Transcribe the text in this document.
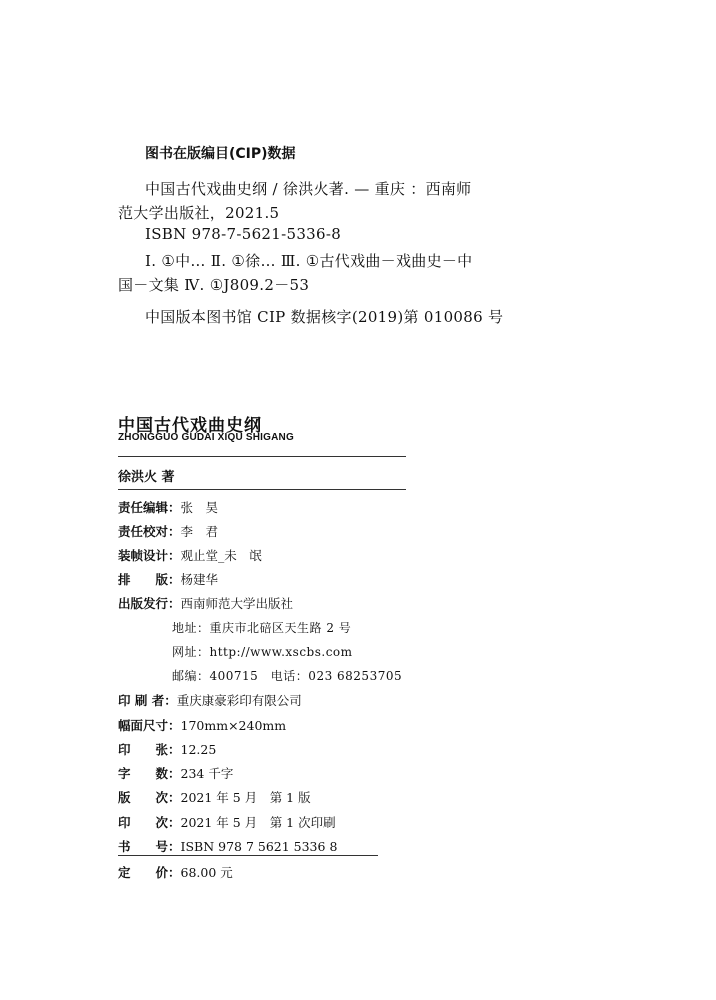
图书在版编目(CIP)数据
中国古代戏曲史纲 / 徐洪火著. — 重庆 ：西南师
范大学出版社，2021.5
ISBN 978-7-5621-5336-8
Ⅰ. ①中… Ⅱ. ①徐… Ⅲ. ①古代戏曲－戏曲史－中
国－文集 Ⅳ. ①J809.2－53
中国版本图书馆 CIP 数据核字(2019)第 010086 号
中国古代戏曲史纲
ZHONGGUO GUDAI XIQU SHIGANG
徐洪火 著
责任编辑：张　昊
责任校对：李　君
装帧设计：观止堂_未　氓
排　　版：杨建华
出版发行：西南师范大学出版社
地址：重庆市北碚区天生路 2 号
网址：http://www.xscbs.com
邮编：400715　电话：023 68253705
印 刷 者：重庆康豪彩印有限公司
幅面尺寸：170mm×240mm
印　　张：12.25
字　　数：234 千字
版　　次：2021 年 5 月　第 1 版
印　　次：2021 年 5 月　第 1 次印刷
书　　号：ISBN 978 7 5621 5336 8
定　　价：68.00 元
